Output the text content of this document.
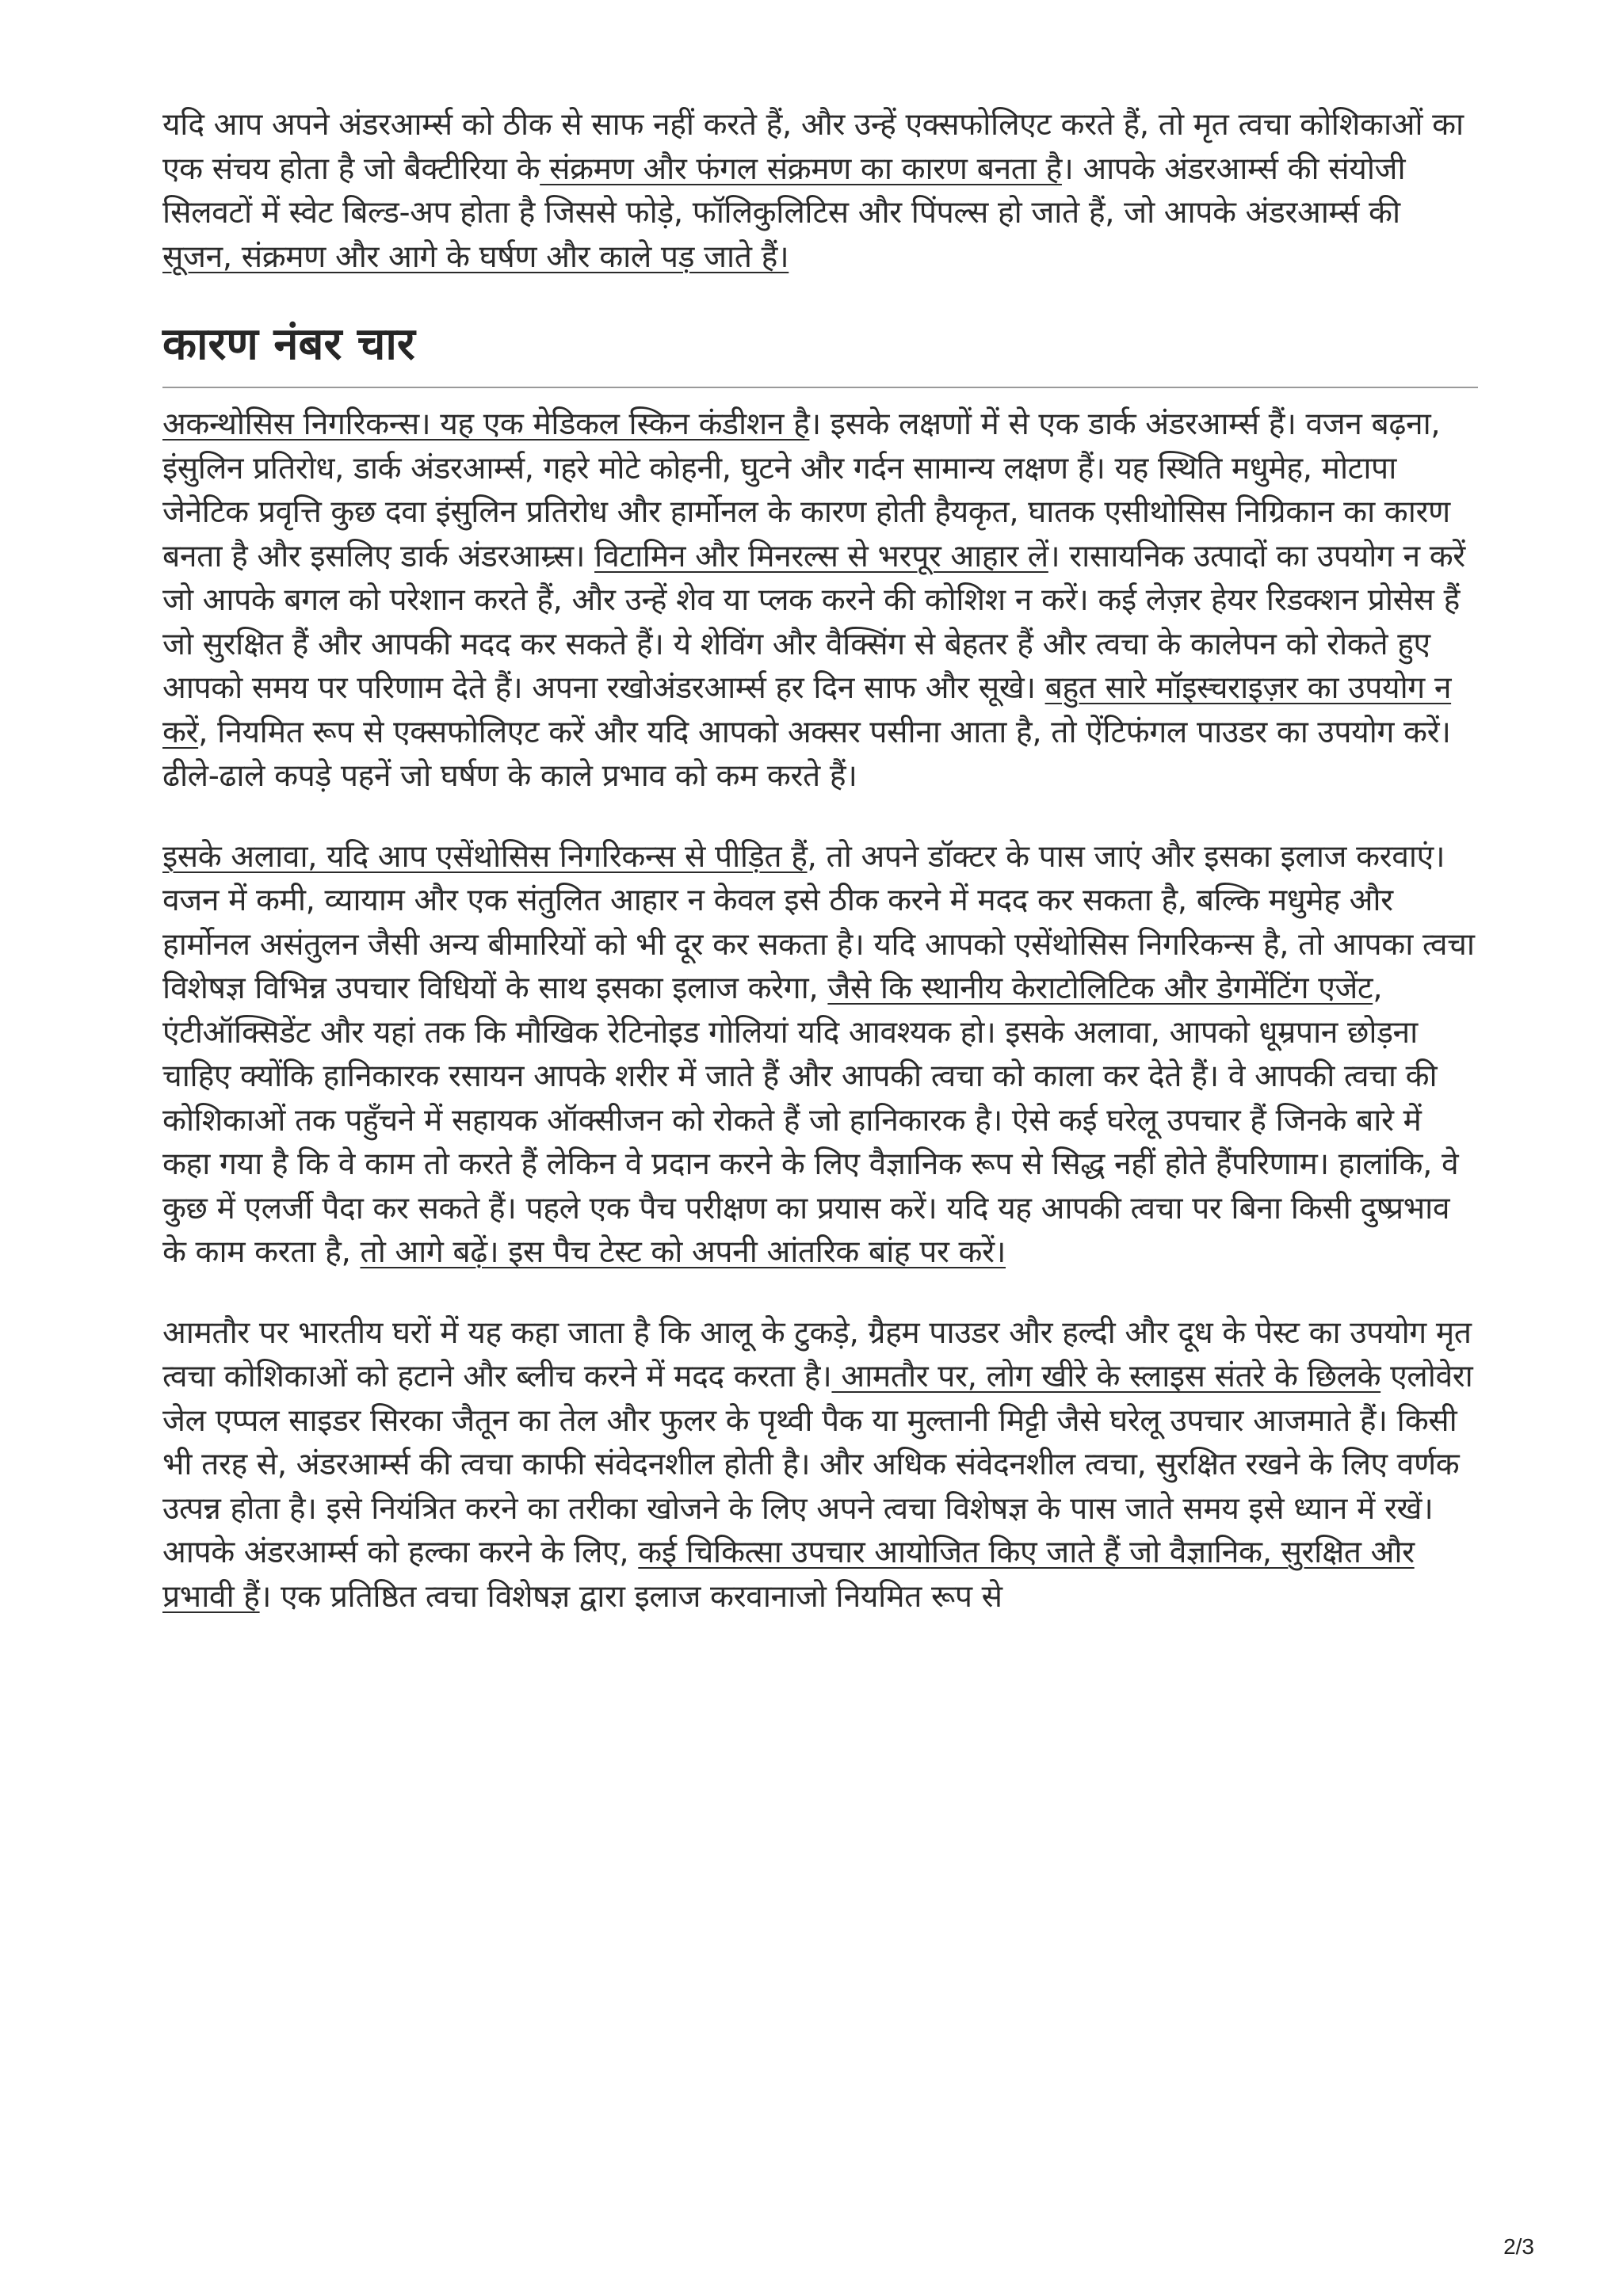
यदि आप अपने अंडरआर्म्स को ठीक से साफ नहीं करते हैं, और उन्हें एक्सफोलिएट करते हैं, तो मृत त्वचा कोशिकाओं का एक संचय होता है जो बैक्टीरिया के संक्रमण और फंगल संक्रमण का कारण बनता है। आपके अंडरआर्म्स की संयोजी सिलवटों में स्वेट बिल्ड-अप होता है जिससे फोड़े, फॉलिकुलिटिस और पिंपल्स हो जाते हैं, जो आपके अंडरआर्म्स की सूजन, संक्रमण और आगे के घर्षण और काले पड़ जाते हैं।

कारण नंबर चार

अकन्थोसिस निगरिकन्स। यह एक मेडिकल स्किन कंडीशन है। इसके लक्षणों में से एक डार्क अंडरआर्म्स हैं। वजन बढ़ना, इंसुलिन प्रतिरोध, डार्क अंडरआर्म्स, गहरे मोटे कोहनी, घुटने और गर्दन सामान्य लक्षण हैं। यह स्थिति मधुमेह, मोटापा जेनेटिक प्रवृत्ति कुछ दवा इंसुलिन प्रतिरोध और हार्मोनल के कारण होती हैयकृत, घातक एसीथोसिस निग्रिकान का कारण बनता है और इसलिए डार्क अंडरआम्र्स। विटामिन और मिनरल्स से भरपूर आहार लें। रासायनिक उत्पादों का उपयोग न करें जो आपके बगल को परेशान करते हैं, और उन्हें शेव या प्लक करने की कोशिश न करें। कई लेज़र हेयर रिडक्शन प्रोसेस हैं जो सुरक्षित हैं और आपकी मदद कर सकते हैं। ये शेविंग और वैक्सिंग से बेहतर हैं और त्वचा के कालेपन को रोकते हुए आपको समय पर परिणाम देते हैं। अपना रखोअंडरआर्म्स हर दिन साफ और सूखे। बहुत सारे मॉइस्चराइज़र का उपयोग न करें, नियमित रूप से एक्सफोलिएट करें और यदि आपको अक्सर पसीना आता है, तो ऐंटिफंगल पाउडर का उपयोग करें। ढीले-ढाले कपड़े पहनें जो घर्षण के काले प्रभाव को कम करते हैं।

इसके अलावा, यदि आप एसेंथोसिस निगरिकन्स से पीड़ित हैं, तो अपने डॉक्टर के पास जाएं और इसका इलाज करवाएं। वजन में कमी, व्यायाम और एक संतुलित आहार न केवल इसे ठीक करने में मदद कर सकता है, बल्कि मधुमेह और हार्मोनल असंतुलन जैसी अन्य बीमारियों को भी दूर कर सकता है। यदि आपको एसेंथोसिस निगरिकन्स है, तो आपका त्वचा विशेषज्ञ विभिन्न उपचार विधियों के साथ इसका इलाज करेगा, जैसे कि स्थानीय केराटोलिटिक और डेगमेंटिंग एजेंट, एंटीऑक्सिडेंट और यहां तक कि मौखिक रेटिनोइड गोलियां यदि आवश्यक हो। इसके अलावा, आपको धूम्रपान छोड़ना चाहिए क्योंकि हानिकारक रसायन आपके शरीर में जाते हैं और आपकी त्वचा को काला कर देते हैं। वे आपकी त्वचा की कोशिकाओं तक पहुँचने में सहायक ऑक्सीजन को रोकते हैं जो हानिकारक है। ऐसे कई घरेलू उपचार हैं जिनके बारे में कहा गया है कि वे काम तो करते हैं लेकिन वे प्रदान करने के लिए वैज्ञानिक रूप से सिद्ध नहीं होते हैंपरिणाम। हालांकि, वे कुछ में एलर्जी पैदा कर सकते हैं। पहले एक पैच परीक्षण का प्रयास करें। यदि यह आपकी त्वचा पर बिना किसी दुष्प्रभाव के काम करता है, तो आगे बढ़ें। इस पैच टेस्ट को अपनी आंतरिक बांह पर करें।

आमतौर पर भारतीय घरों में यह कहा जाता है कि आलू के टुकड़े, ग्रैहम पाउडर और हल्दी और दूध के पेस्ट का उपयोग मृत त्वचा कोशिकाओं को हटाने और ब्लीच करने में मदद करता है। आमतौर पर, लोग खीरे के स्लाइस संतरे के छिलके एलोवेरा जेल एप्पल साइडर सिरका जैतून का तेल और फुलर के पृथ्वी पैक या मुल्तानी मिट्टी जैसे घरेलू उपचार आजमाते हैं। किसी भी तरह से, अंडरआर्म्स की त्वचा काफी संवेदनशील होती है। और अधिक संवेदनशील त्वचा, सुरक्षित रखने के लिए वर्णक उत्पन्न होता है। इसे नियंत्रित करने का तरीका खोजने के लिए अपने त्वचा विशेषज्ञ के पास जाते समय इसे ध्यान में रखें। आपके अंडरआर्म्स को हल्का करने के लिए, कई चिकित्सा उपचार आयोजित किए जाते हैं जो वैज्ञानिक, सुरक्षित और प्रभावी हैं। एक प्रतिष्ठित त्वचा विशेषज्ञ द्वारा इलाज करवानाजो नियमित रूप से

2/3
